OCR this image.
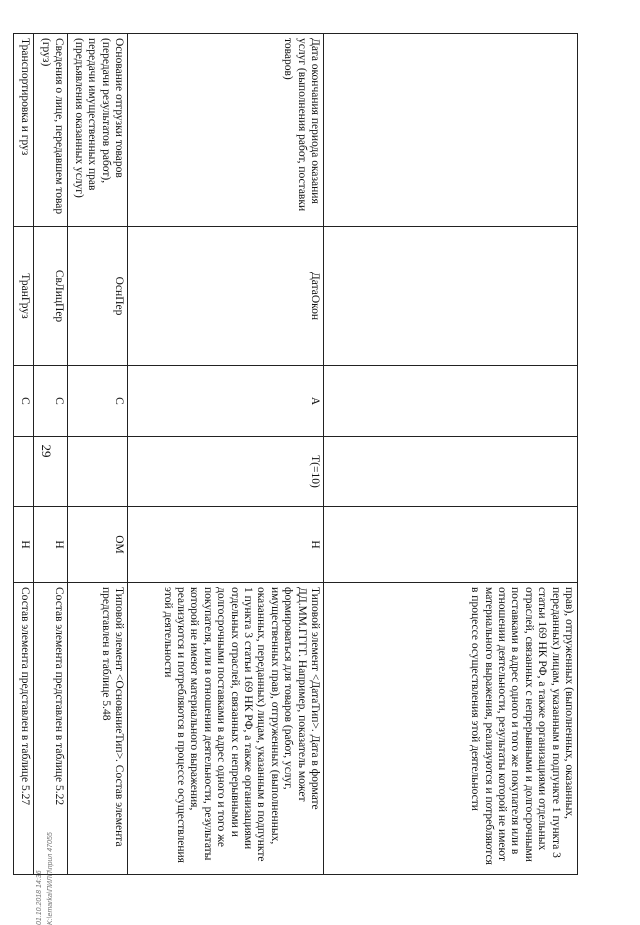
29
01.10.2018 14:36 K:\emarka\ПИЛП\прил 47055
					прав), отгруженных (выполненных, оказанных, переданных) лицам, указанным в подпункте 1 пункта 3 статьи 169 НК РФ, а также организациями отдельных отраслей, связанных с непрерывными и долгосрочными поставками в адрес одного и того же покупателя или в отношении деятельности, результаты которой не имеют материального выражения, реализуются и потребляются в процессе осуществления этой деятельности
Дата окончания периода оказания услуг (выполнения работ, поставки товаров)	ДатаОкон	А	Т(=10)	Н	Типовой элемент <ДатаТип>. Дата в формате ДД.ММ.ГГГГ. Например, показатель может формироваться для товаров (работ, услуг, имущественных прав), отгруженных (выполненных, оказанных, переданных) лицам, указанным в подпункте 1 пункта 3 статьи 169 НК РФ, а также организациями отдельных отраслей, связанных с непрерывными и долгосрочными поставками в адрес одного и того же покупателя, или в отношении деятельности, результаты которой не имеют материального выражения, реализуются и потребляются в процессе осуществления этой деятельности
Основание отгрузки товаров (передачи результатов работ), передачи имущественных прав (предъявления оказанных услуг)	ОснПер	С		ОМ	Типовой элемент <ОснованиеТип>. Состав элемента представлен в таблице 5.48
Сведения о лице, передавшем товар (груз)	СвЛицПер	С		Н	Состав элемента представлен в таблице 5.22
Транспортировка и груз	ТранГруз	С		Н	Состав элемента представлен в таблице 5.27
